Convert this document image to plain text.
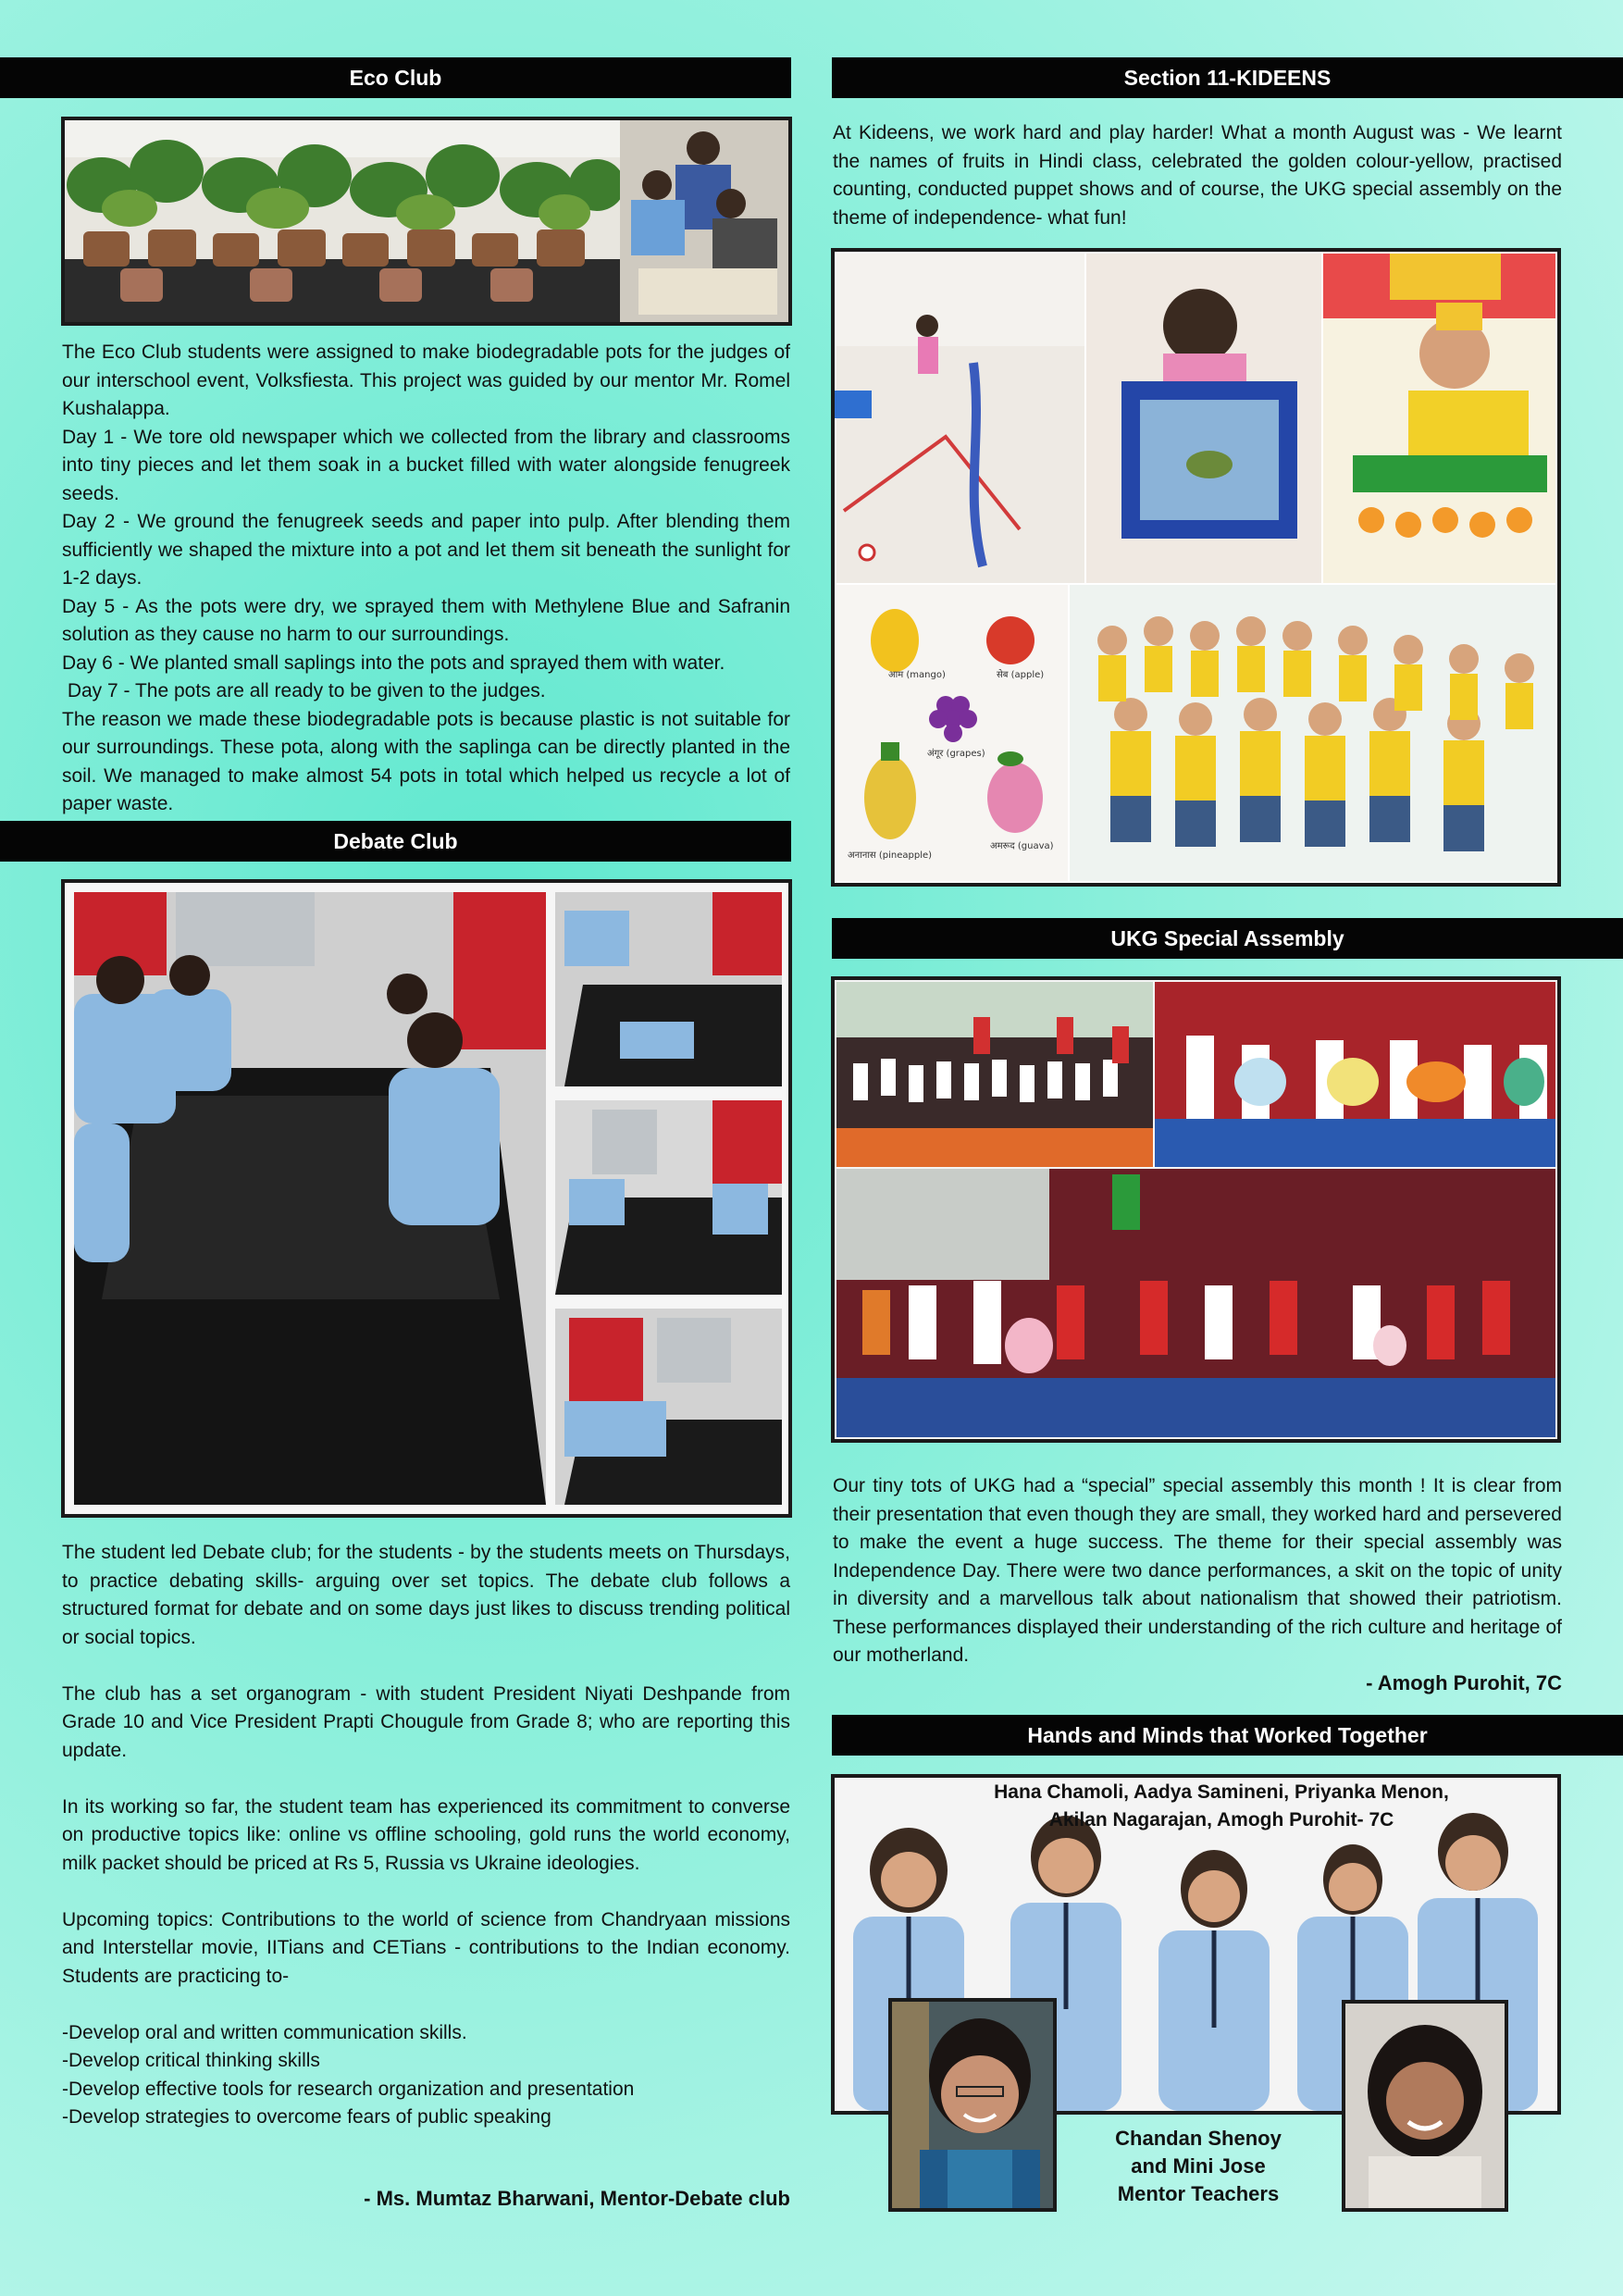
Eco Club

The Eco Club students were assigned to make biodegradable pots for the judges of our interschool event, Volksfiesta. This project was guided by our mentor Mr. Romel Kushalappa.

Day 1 - We tore old newspaper which we collected from the library and classrooms into tiny pieces and let them soak in a bucket filled with water alongside fenugreek seeds.

Day 2 - We ground the fenugreek seeds and paper into pulp. After blending them sufficiently we shaped the mixture into a pot and let them sit beneath the sunlight for 1-2 days.

Day 5 - As the pots were dry, we sprayed them with Methylene Blue and Safranin solution as they cause no harm to our surroundings.

Day 6 - We planted small saplings into the pots and sprayed them with water.

Day 7 - The pots are all ready to be given to the judges.

The reason we made these biodegradable pots is because plastic is not suitable for our surroundings. These pota, along with the saplinga can be directly planted in the soil. We managed to make almost 54 pots in total which helped us recycle a lot of paper waste.

Debate Club

The student led Debate club; for the students - by the students meets on Thursdays, to practice debating skills- arguing over set topics. The debate club follows a structured format for debate and on some days just likes to discuss trending political or social topics.

The club has a set organogram - with student President Niyati Deshpande from Grade 10 and Vice President Prapti Chougule from Grade 8; who are reporting this update.

In its working so far, the student team has experienced its commitment to converse on productive topics like: online vs offline schooling, gold runs the world economy, milk packet should be priced at Rs 5, Russia vs Ukraine ideologies.

Upcoming topics: Contributions to the world of science from Chandryaan missions and Interstellar movie, IITians and CETians - contributions to the Indian economy. Students are practicing to-

-Develop oral and written communication skills.

-Develop critical thinking skills

-Develop effective tools for research organization and presentation

-Develop strategies to overcome fears of public speaking

- Ms. Mumtaz Bharwani, Mentor-Debate club
Section 11-KIDEENS
At Kideens, we work hard and play harder! What a month August was - We learnt the names of fruits in Hindi class, celebrated the golden colour-yellow, practised counting, conducted puppet shows and of course, the UKG special assembly on the theme of independence- what fun!
आम (mango)	सेब (apple)
अंगूर (grapes)
अनानास (pineapple)
अमरूद (guava)
UKG Special Assembly
Our tiny tots of UKG had a “special” special assembly this month ! It is clear from their presentation that even though they are small, they worked hard and persevered to make the event a huge success. The theme for their special assembly was Independence Day. There were two dance performances, a skit on the topic of unity in diversity and a marvellous talk about nationalism that showed their patriotism. These performances displayed their understanding of the rich culture and heritage of our motherland.
- Amogh Purohit, 7C
Hands and Minds that Worked Together
Hana Chamoli, Aadya Samineni, Priyanka Menon,
Akilan Nagarajan, Amogh Purohit- 7C
Chandan Shenoy
and Mini Jose
Mentor Teachers
